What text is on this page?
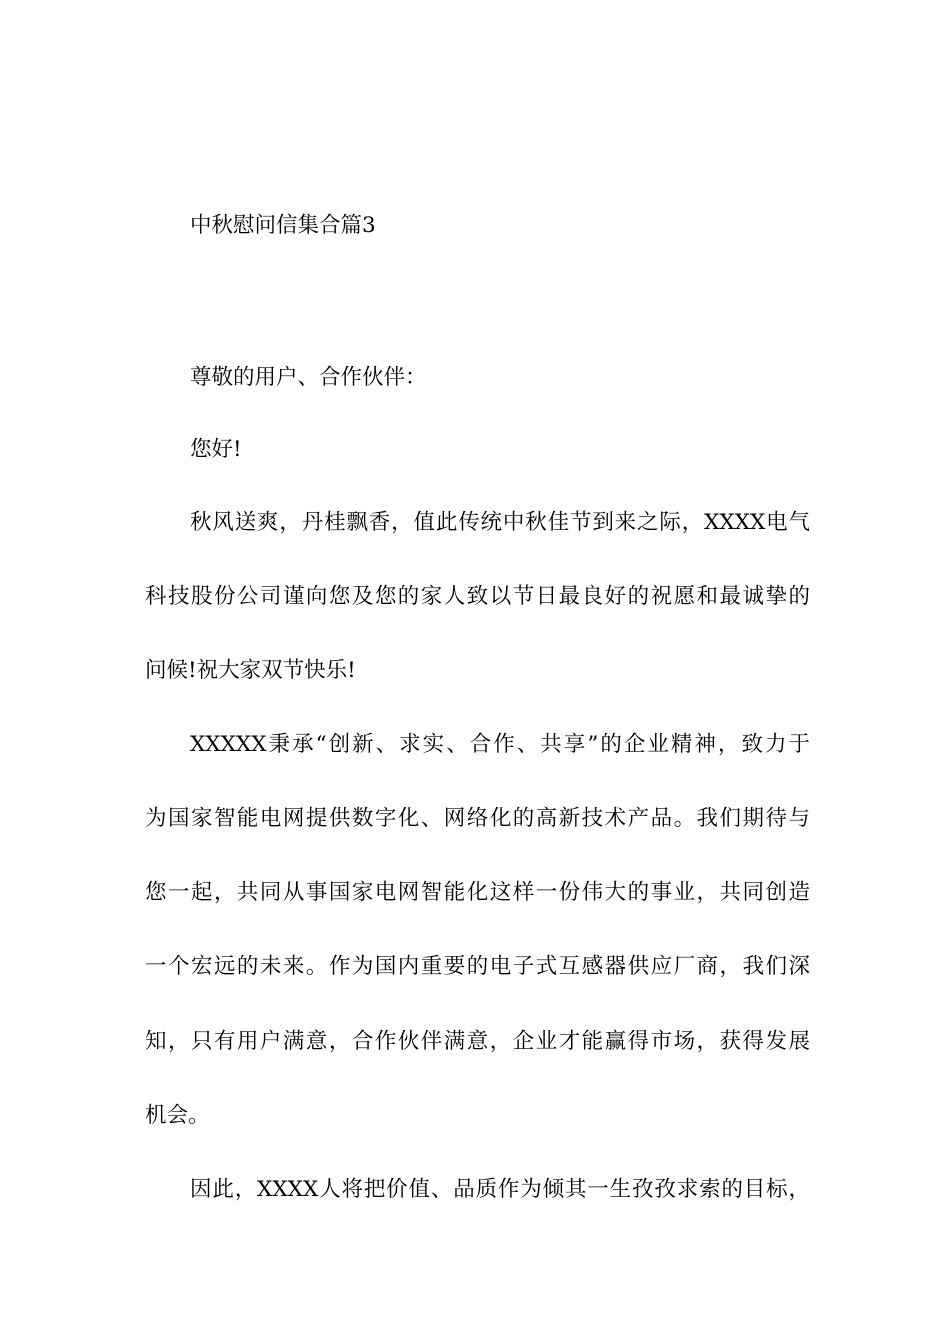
中秋慰问信集合篇3
尊敬的用户、合作伙伴：
您好!
秋风送爽，丹桂飘香，值此传统中秋佳节到来之际，XXXX电气
科技股份公司谨向您及您的家人致以节日最良好的祝愿和最诚挚的
问候!祝大家双节快乐!
XXXXX秉承“创新、求实、合作、共享”的企业精神，致力于
为国家智能电网提供数字化、网络化的高新技术产品。我们期待与
您一起，共同从事国家电网智能化这样一份伟大的事业，共同创造
一个宏远的未来。作为国内重要的电子式互感器供应厂商，我们深
知，只有用户满意，合作伙伴满意，企业才能赢得市场，获得发展
机会。
因此，XXXX人将把价值、品质作为倾其一生孜孜求索的目标，
